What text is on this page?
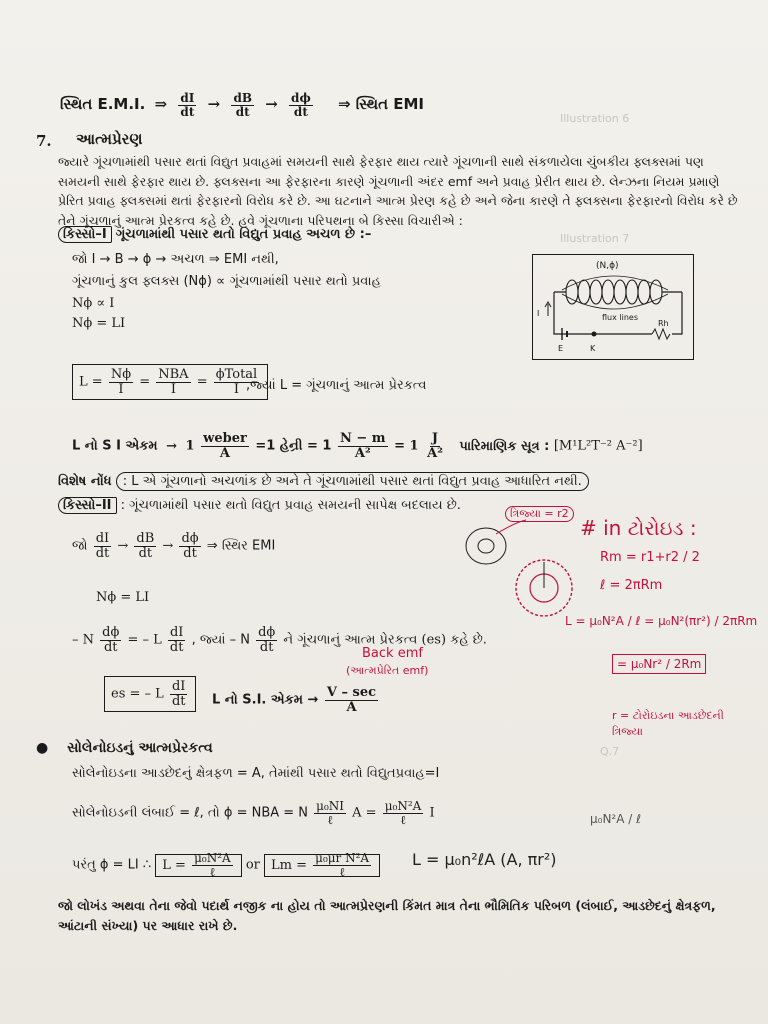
Illustration 6
Illustration 7
Q.7
સ્થિત E.M.I. ⇒ $\frac{dI}{dt} \to \frac{dB}{dt} \to \frac{d\phi}{dt}$ ⇒ સ્થિત EMI
7. આત્મપ્રેરણ
જ્યારે ગૂંચળામાંથી પસાર થતાં વિદ્યુત પ્રવાહમાં સમયની સાથે ફેરફાર થાય ત્યારે ગૂંચળાની સાથે સંકળાયેલા ચુંબકીય ફ્લક્સમાં પણ સમયની સાથે ફેરફાર થાય છે. ફ્લક્સના આ ફેરફારના કારણે ગૂંચળાની અંદર emf અને પ્રવાહ પ્રેરીત થાય છે. લેન્ઝના નિયમ પ્રમાણે પ્રેરિત પ્રવાહ ફ્લક્સમાં થતાં ફેરફારનો વિરોધ કરે છે. આ ઘટનાને આત્મ પ્રેરણ કહે છે અને જેના કારણે તે ફ્લક્સના ફેરફારનો વિરોધ કરે છે તેને ગૂંચળાનું આત્મ પ્રેરકત્વ કહે છે. હવે ગૂંચળાના પરિપથના બે કિસ્સા વિચારીએ :
કિસ્સો–I ગૂંચળામાંથી પસાર થતો વિદ્યુત પ્રવાહ અચળ છે :–
જો I → B → ϕ → અચળ ⇒ EMI નથી,
ગૂંચળાનું કુલ ફ્લક્સ (Nϕ) ∝ ગૂંચળામાંથી પસાર થતો પ્રવાહ
Nϕ ∝ I
Nϕ = LI
(N,ϕ)
flux lines
I
E	K
Rh
$L = \frac{N\phi}{I} = \frac{\text{NBA}}{I} = \frac{\text{ϕTotal}}{I}$
,જ્યાં L = ગૂંચળાનું આત્મ પ્રેરકત્વ
L નો S I એકમ → $1 \frac{\text{weber}}{A} =1$ હેન્રી = $1 \frac{N - m}{\text{A²}} = 1 \frac{J}{\text{A²}}$ પારિમાણિક સૂત્ર : [M¹L²T⁻² A⁻²]
વિશેષ નોંધ : L એ ગૂંચળાનો અચળાંક છે અને તે ગૂંચળામાંથી પસાર થતાં વિદ્યુત પ્રવાહ આધારિત નથી.
કિસ્સો–II : ગૂંચળામાંથી પસાર થતો વિદ્યુત પ્રવાહ સમયની સાપેક્ષ બદલાય છે.
જો $\frac{dI}{dt} \to \frac{dB}{dt} \to \frac{d\phi}{dt}$ ⇒ સ્થિર EMI
Nϕ = LI
– N $\frac{d\phi}{dt}$ = – L $\frac{dI}{dt}$ , જ્યાં – N $\frac{d\phi}{dt}$ ને ગૂંચળાનું આત્મ પ્રેરકત્વ (es) કહે છે.
es = – L $\frac{dI}{dt}$ L નો S.I. એકમ → $\frac{V - \sec}{A}$
● સોલેનોઇડનું આત્મપ્રેરકત્વ
સોલેનોઇડના આડછેદનું ક્ષેત્રફળ = A, તેમાંથી પસાર થતો વિદ્યુતપ્રવાહ=I
સોલેનોઇડની લંબાઈ = ℓ, તો ϕ = NBA = N $\frac{\text{μ₀NI}}{\text{ℓ}}$ $A = \frac{\text{μ₀N²A}}{\text{ℓ}}$ I
પરંતુ ϕ = LI ∴ $L = \frac{\text{μ₀N²A}}{\text{ℓ}}$ or $Lm = \frac{\text{μ₀μr N²A}}{\text{ℓ}}$
જો લોખંડ અથવા તેના જેવો પદાર્થ નજીક ના હોય તો આત્મપ્રેરણની કિંમત માત્ર તેના ભૌમિતિક પરિબળ (લંબાઈ, આડછેદનું ક્ષેત્રફળ, આંટાની સંખ્યા) પર આધાર રાખે છે.
ત્રિજ્યા = r2
# in ટોરોઇડ :
Rm = r1+r2 / 2
ℓ = 2πRm
L = μ₀N²A / ℓ = μ₀N²(πr²) / 2πRm
= μ₀Nr² / 2Rm
r = ટોરોઇડના આડછેદની ત્રિજ્યા
Back emf
(આત્મપ્રેરિત emf)
L = μ₀n²ℓA (A, πr²)
μ₀N²A / ℓ
